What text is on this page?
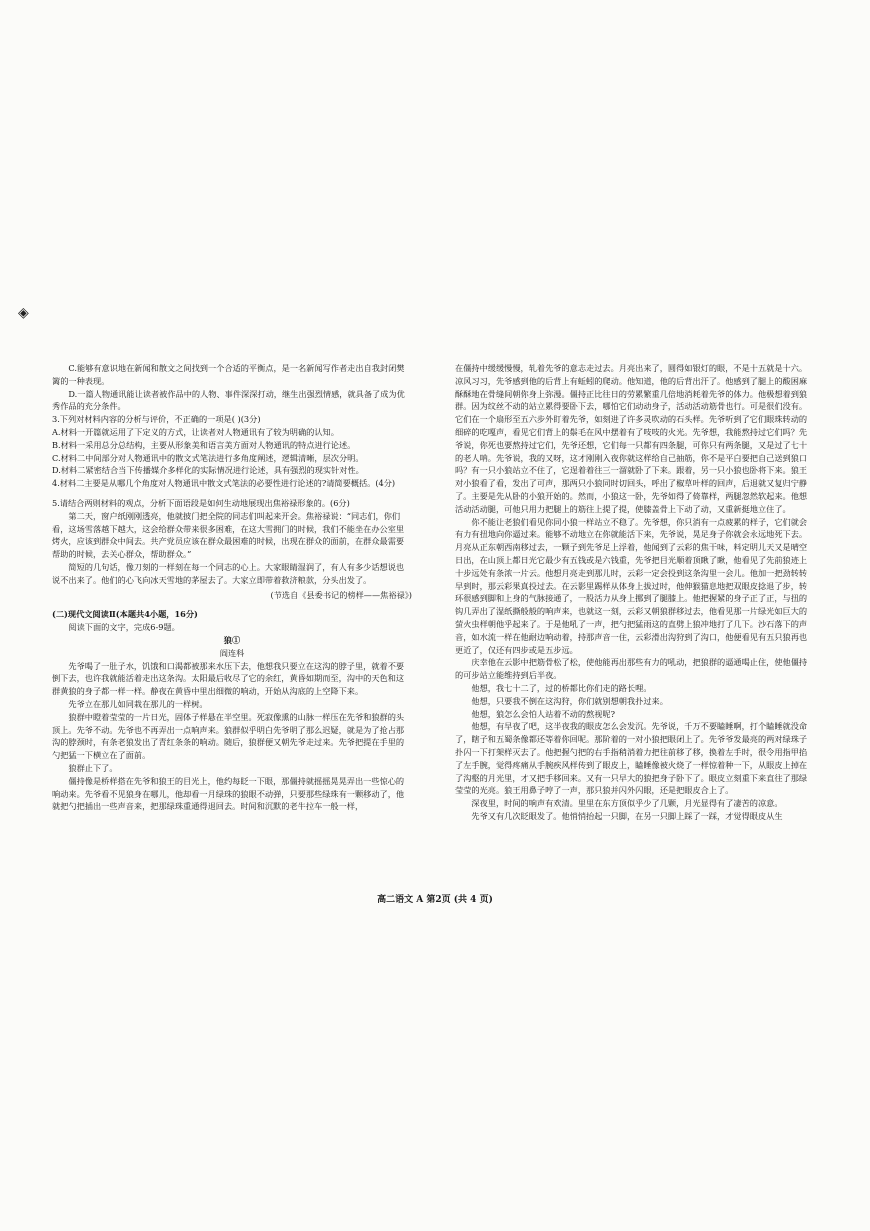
◈

C.能够有意识地在新闻和散文之间找到一个合适的平衡点，是一名新闻写作者走出自我封闭樊篱的一种表现。

D.一篇人物通讯能让读者被作品中的人物、事件深深打动，继生出强烈情感，就具备了成为优秀作品的充分条件。

3.下列对材料内容的分析与评价，不正确的一项是( )(3分)

A.材料一开篇就运用了下定义的方式，让读者对人物通讯有了较为明确的认知。

B.材料一采用总分总结构，主要从形象美和语言美方面对人物通讯的特点进行论述。

C.材料二中间部分对人物通讯中的散文式笔法进行多角度阐述，逻辑清晰，层次分明。

D.材料二紧密结合当下传播媒介多样化的实际情况进行论述，具有强烈的现实针对性。

4.材料二主要是从哪几个角度对人物通讯中散文式笔法的必要性进行论述的?请简要概括。(4分)

5.请结合两则材料的观点，分析下面语段是如何生动地展现出焦裕禄形象的。(6分)

第二天，窗户纸刚刚透亮，他就披门把全院的同志们叫起来开会。焦裕禄说：“同志们，你们看，这场雪落越下越大，这会给群众带来很多困难，在这大雪拥门的时候，我们不能坐在办公室里烤火，应该到群众中间去。共产党员应该在群众最困难的时候，出现在群众的面前，在群众最需要帮助的时候，去关心群众，帮助群众。”

简短的几句话，像刀刻的一样刻在每一个同志的心上。大家眼睛湿润了，有人有多少话想说也说不出来了。他们的心飞向冰天雪地的茅屋去了。大家立即带着救济粮款，分头出发了。

(节选自《县委书记的榜样——焦裕禄》)

(二)现代文阅读Ⅱ(本题共4小题，16分)

阅读下面的文字，完成6-9题。

狼①

阎连科

先爷喝了一肚子水，饥饿和口渴都被那来水压下去，他想我只要立在这沟的脖子里，就着不要倒下去，也许我就能活着走出这条沟。太阳最后收尽了它的余红，黄昏如期而至，沟中的天色和这群黄狼的身子都一样一样。静夜在黄昏中里出细微的响动，开始从沟底的上空降下来。

先爷立在那儿如同栽在那儿的一样树。

狼群中瞪着莹莹的一片日光，固体子样悬在半空里。死寂像熏的山脉一样压在先爷和狼群的头顶上。先爷不动。先爷也不再弄出一点响声来。狼群似乎明白先爷明了那么迟疑，就是为了抢占那沟的脖颈时，有条老狼发出了青红条条的响动。随后，狼群便又朝先爷走过来。先爷把提在手里的勺把猛一下横立在了面前。

狼群止下了。

僵持像是桥样搭在先爷和狼王的目光上，他约每眨一下眼，那僵持就摇摇晃晃弄出一些惊心的响动来。先爷看不见狼身在哪儿，他却看一月绿珠的狼眼不动弹，只要那些绿珠有一颗移动了，他就把勺把插出一些声音来，把那绿珠重通得退回去。时间和沉默的老牛拉车一般一样，

在僵持中缓缓慢慢，轧着先爷的意志走过去。月亮出来了，圆得如银灯的眼，不是十五就是十六。凉风习习，先爷感到他的后背上有蚯蚓的爬动。他知道，他的后背出汗了。他感到了腿上的酸困麻酥酥地在骨缝间朝你身上弥漫。僵持正比往日的劳累繁重几倍地消耗着先爷的体力。他极想着到狼群。因为纹丝不动的站立累得要卧下去，哪怕它们动动身子，活动活动筋骨也行。可是很们没有。它们在一个扇形至五六步外盯着先爷，如刻进了许多灵吹动的石头样。先爷听到了它们眼珠转动的细碎的吃嘎声，看见它们背上的鬃毛在风中摆着有了吱吱的火光。先爷想，我能熬持过它们吗？先爷说，你死也要熬持过它们，先爷还想，它们每一只都有四条腿，可你只有两条腿，又是过了七十的老人呐。先爷说，我的又呀，这才刚刚入夜你就这样给自己抽筋，你不是平白要把自己送到狼口吗？有一只小狼站立不住了，它逞着着往三一溜就卧了下来。跟着，另一只小狼也卧将下来。狼王对小狼看了看，发出了可声，那两只小狼同时切回头，呼出了椒草叶样的回声，后退就又复归宁静了。主要是先从卧的小狼开始的。然而，小狼这一卧，先爷如得了倚靠样，两腿忽然软起来。他想活动活动腿，可他只用力把腿上的筋往上提了提，使膝盖骨上下动了动，又重新挺地立住了。

你不能让老狼们看见你同小狼一样站立不稳了。先爷想，你只消有一点疲累的样子，它们就会有力有扭地向你逼过来。能够不动地立在你就能活下来，先爷说，晃足身子你就会永远地死下去。月亮从正东朝西南移过去，一颗子到先爷足上浮着，他闻到了云彩的焦干味，料定明儿天又是晴空日出，在山顶上都日光它最少有五钱或是六钱重，先爷把目光顺着顶瞅了瞅，他看见了先前狼迹上十步远处有条浓一片云。他想月亮走到那儿时，云彩一定会投到这条沟里一会儿。他加一把劲转转早到时，那云彩果真投过去。在云影里踢样从体身上拔过时，他伸猴猫息地把双眼皮捻退了步，转环很感到脚和上身的气脉接通了，一股活力从身上挪到了腿膝上。他把握紧的身子正了正，与扭的钩几弄出了湿纸撕般般的响声来，也就这一刻，云彩又朝狼群移过去，他看见那一片绿光如巨大的萤火虫样朝他乎起来了。于是他吼了一声，把勺把猛雨这的直劈上狼冲地打了几下。沙石落下的声音，如水流一样在他耐边响动着，持那声音一住，云彩滑出沟狩到了沟口，他便看见有五只狼再也更近了，仅还有四步或是五步远。

庆幸他在云影中把筋骨松了松，使他能再出那些有力的吼动，把狼群的逼通喝止住，使他僵持的可步站立能维持到后半夜。

他想，我七十二了，过的桥都比你们走的路长哩。

他想，只要我不倒在这沟狩，你们就别想朝我扑过来。

他想，狼怎么会怕人站着不动的熬视呢?

他想，有早夜了吧，这半夜我的眼皮怎么会发沉。先爷说，千万不要瞌睡啊，打个瞌睡就没命了，瞎子和五蜀条像都还等着你回呢。那阶着的一对小狼把眼闭上了。先爷爷发最亮的两对绿珠子扑闪一下打架样灭去了。他把握勺把的右手指稍消着力把往前移了移，换着左手时，很令用指甲掐了左手腕，觉得疼痛从手腕疾风样传到了眼皮上，瞌睡像被火烧了一样惊着种一下，从眼皮上掉在了沟壑的月光里，才又把手移回来。又有一只早大的狼把身子卧下了。眼皮立刻重下来直往了那绿莹莹的光亮。狼王用鼻子哼了一声，那只狼并闪外闪眼，还是把眼皮合上了。

深夜里，时间的响声有欢清。里里在东方顶似乎少了几颗，月光显得有了凄苦的凉意。

先爷又有几次眨眼发了。他悄悄抬起一只脚，在另一只脚上踩了一踩，才觉得眼皮从生

高二语文 A 第2页 (共 4 页)
